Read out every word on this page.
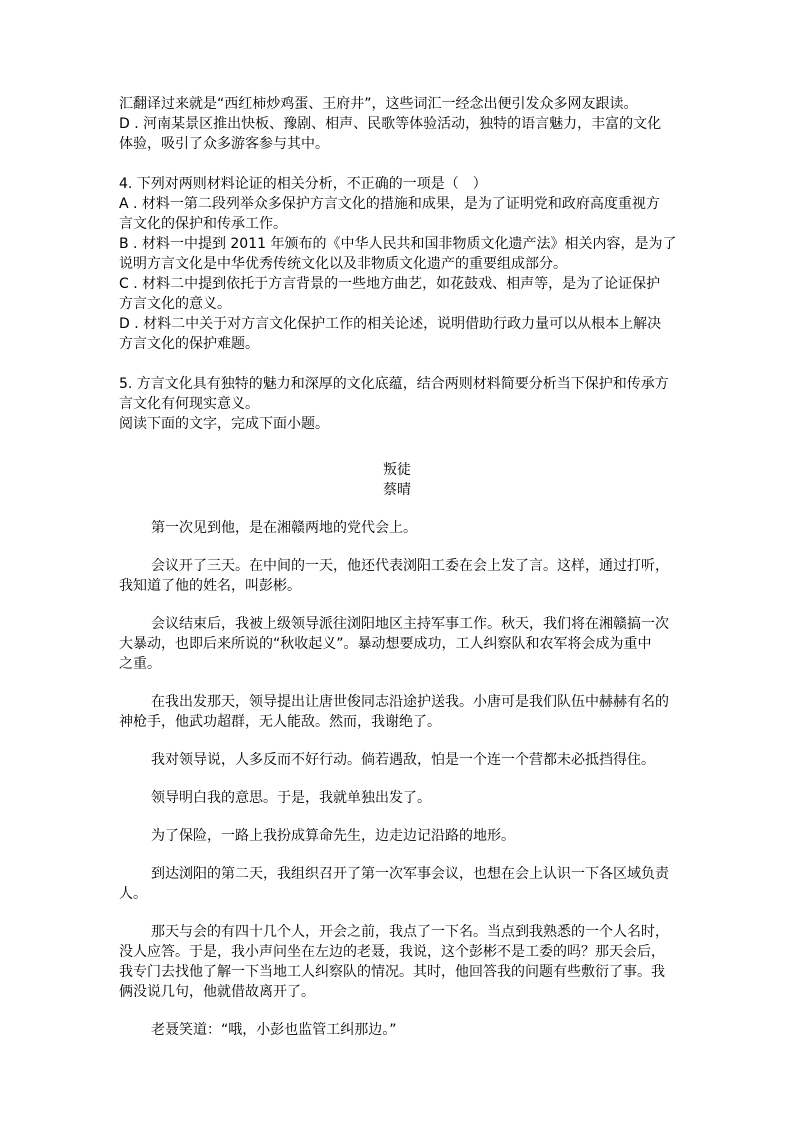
汇翻译过来就是“西红柿炒鸡蛋、王府井”，这些词汇一经念出便引发众多网友跟读。
D . 河南某景区推出快板、豫剧、相声、民歌等体验活动，独特的语言魅力，丰富的文化
体验，吸引了众多游客参与其中。
4. 下列对两则材料论证的相关分析，不正确的一项是（　）
A . 材料一第二段列举众多保护方言文化的措施和成果，是为了证明党和政府高度重视方
言文化的保护和传承工作。
B . 材料一中提到 2011 年颁布的《中华人民共和国非物质文化遗产法》相关内容，是为了
说明方言文化是中华优秀传统文化以及非物质文化遗产的重要组成部分。
C . 材料二中提到依托于方言背景的一些地方曲艺，如花鼓戏、相声等，是为了论证保护
方言文化的意义。
D . 材料二中关于对方言文化保护工作的相关论述，说明借助行政力量可以从根本上解决
方言文化的保护难题。
5. 方言文化具有独特的魅力和深厚的文化底蕴，结合两则材料简要分析当下保护和传承方
言文化有何现实意义。
阅读下面的文字，完成下面小题。
叛徒
蔡晴
第一次见到他，是在湘赣两地的党代会上。
会议开了三天。在中间的一天，他还代表浏阳工委在会上发了言。这样，通过打听，
我知道了他的姓名，叫彭彬。
会议结束后，我被上级领导派往浏阳地区主持军事工作。秋天，我们将在湘赣搞一次
大暴动，也即后来所说的“秋收起义”。暴动想要成功，工人纠察队和农军将会成为重中
之重。
在我出发那天，领导提出让唐世俊同志沿途护送我。小唐可是我们队伍中赫赫有名的
神枪手，他武功超群，无人能敌。然而，我谢绝了。
我对领导说，人多反而不好行动。倘若遇敌，怕是一个连一个营都未必抵挡得住。
领导明白我的意思。于是，我就单独出发了。
为了保险，一路上我扮成算命先生，边走边记沿路的地形。
到达浏阳的第二天，我组织召开了第一次军事会议，也想在会上认识一下各区域负责
人。
那天与会的有四十几个人，开会之前，我点了一下名。当点到我熟悉的一个人名时，
没人应答。于是，我小声问坐在左边的老聂，我说，这个彭彬不是工委的吗？那天会后，
我专门去找他了解一下当地工人纠察队的情况。其时，他回答我的问题有些敷衍了事。我
俩没说几句，他就借故离开了。
老聂笑道：“哦，小彭也监管工纠那边。”
